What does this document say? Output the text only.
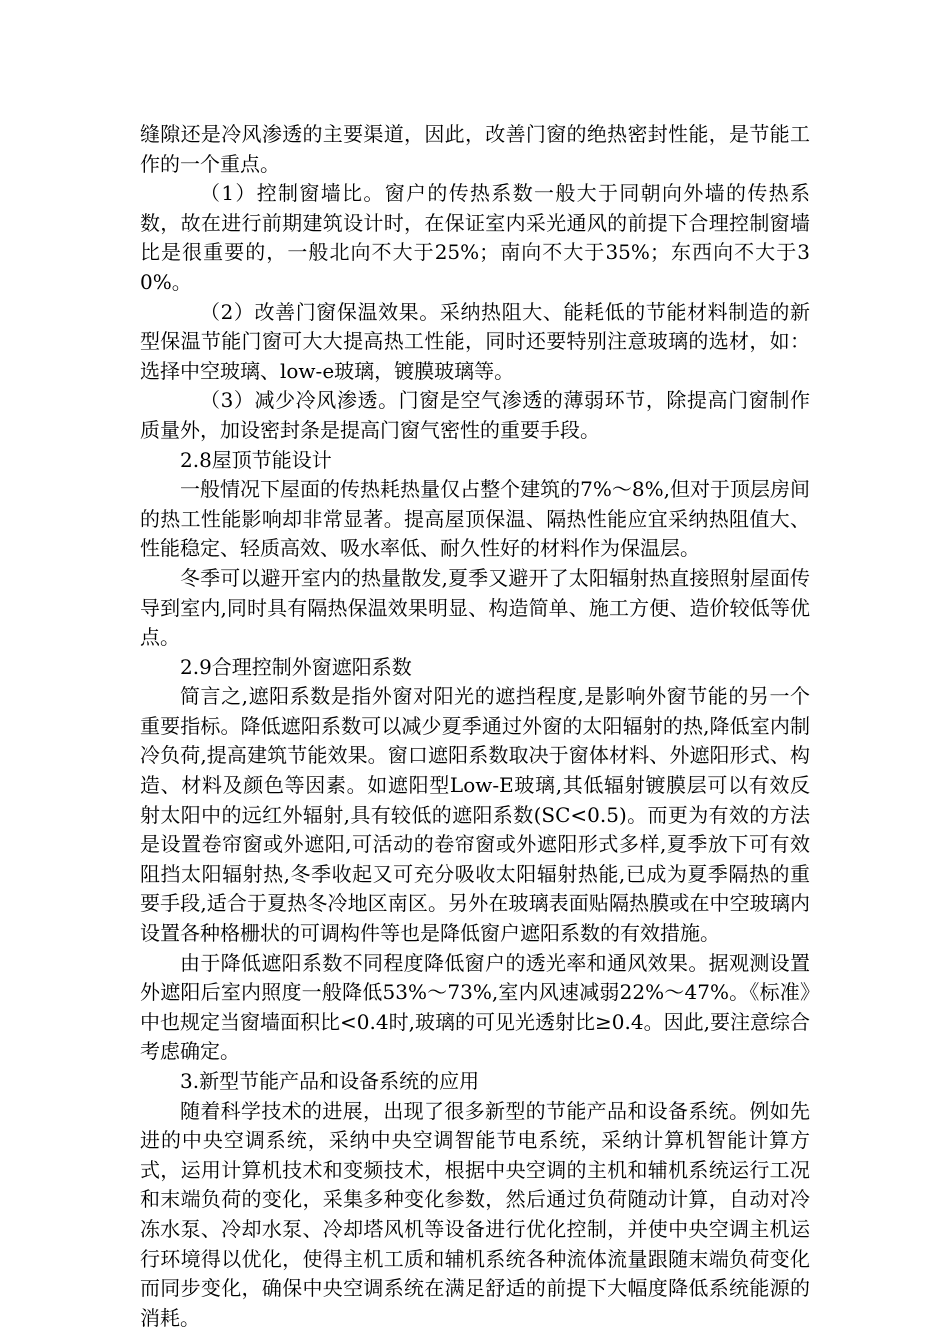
缝隙还是冷风渗透的主要渠道，因此，改善门窗的绝热密封性能，是节能工作的一个重点。

（1）控制窗墙比。窗户的传热系数一般大于同朝向外墙的传热系数，故在进行前期建筑设计时，在保证室内采光通风的前提下合理控制窗墙比是很重要的，一般北向不大于25%；南向不大于35%；东西向不大于30%。

（2）改善门窗保温效果。采纳热阻大、能耗低的节能材料制造的新型保温节能门窗可大大提高热工性能，同时还要特别注意玻璃的选材，如：选择中空玻璃、low-e玻璃，镀膜玻璃等。

（3）减少冷风渗透。门窗是空气渗透的薄弱环节，除提高门窗制作质量外，加设密封条是提高门窗气密性的重要手段。

2.8屋顶节能设计

一般情况下屋面的传热耗热量仅占整个建筑的7%～8%,但对于顶层房间的热工性能影响却非常显著。提高屋顶保温、隔热性能应宜采纳热阻值大、性能稳定、轻质高效、吸水率低、耐久性好的材料作为保温层。

冬季可以避开室内的热量散发,夏季又避开了太阳辐射热直接照射屋面传导到室内,同时具有隔热保温效果明显、构造简单、施工方便、造价较低等优点。

2.9合理控制外窗遮阳系数

简言之,遮阳系数是指外窗对阳光的遮挡程度,是影响外窗节能的另一个重要指标。降低遮阳系数可以减少夏季通过外窗的太阳辐射的热,降低室内制冷负荷,提高建筑节能效果。窗口遮阳系数取决于窗体材料、外遮阳形式、构造、材料及颜色等因素。如遮阳型Low-E玻璃,其低辐射镀膜层可以有效反射太阳中的远红外辐射,具有较低的遮阳系数(SC<0.5)。而更为有效的方法是设置卷帘窗或外遮阳,可活动的卷帘窗或外遮阳形式多样,夏季放下可有效阻挡太阳辐射热,冬季收起又可充分吸收太阳辐射热能,已成为夏季隔热的重要手段,适合于夏热冬冷地区南区。另外在玻璃表面贴隔热膜或在中空玻璃内设置各种格栅状的可调构件等也是降低窗户遮阳系数的有效措施。

由于降低遮阳系数不同程度降低窗户的透光率和通风效果。据观测设置外遮阳后室内照度一般降低53%～73%,室内风速减弱22%～47%。《标准》中也规定当窗墙面积比<0.4时,玻璃的可见光透射比≥0.4。因此,要注意综合考虑确定。

3.新型节能产品和设备系统的应用

随着科学技术的进展，出现了很多新型的节能产品和设备系统。例如先进的中央空调系统，采纳中央空调智能节电系统，采纳计算机智能计算方式，运用计算机技术和变频技术，根据中央空调的主机和辅机系统运行工况和末端负荷的变化，采集多种变化参数，然后通过负荷随动计算，自动对冷冻水泵、冷却水泵、冷却塔风机等设备进行优化控制，并使中央空调主机运行环境得以优化，使得主机工质和辅机系统各种流体流量跟随末端负荷变化而同步变化，确保中央空调系统在满足舒适的前提下大幅度降低系统能源的消耗。
